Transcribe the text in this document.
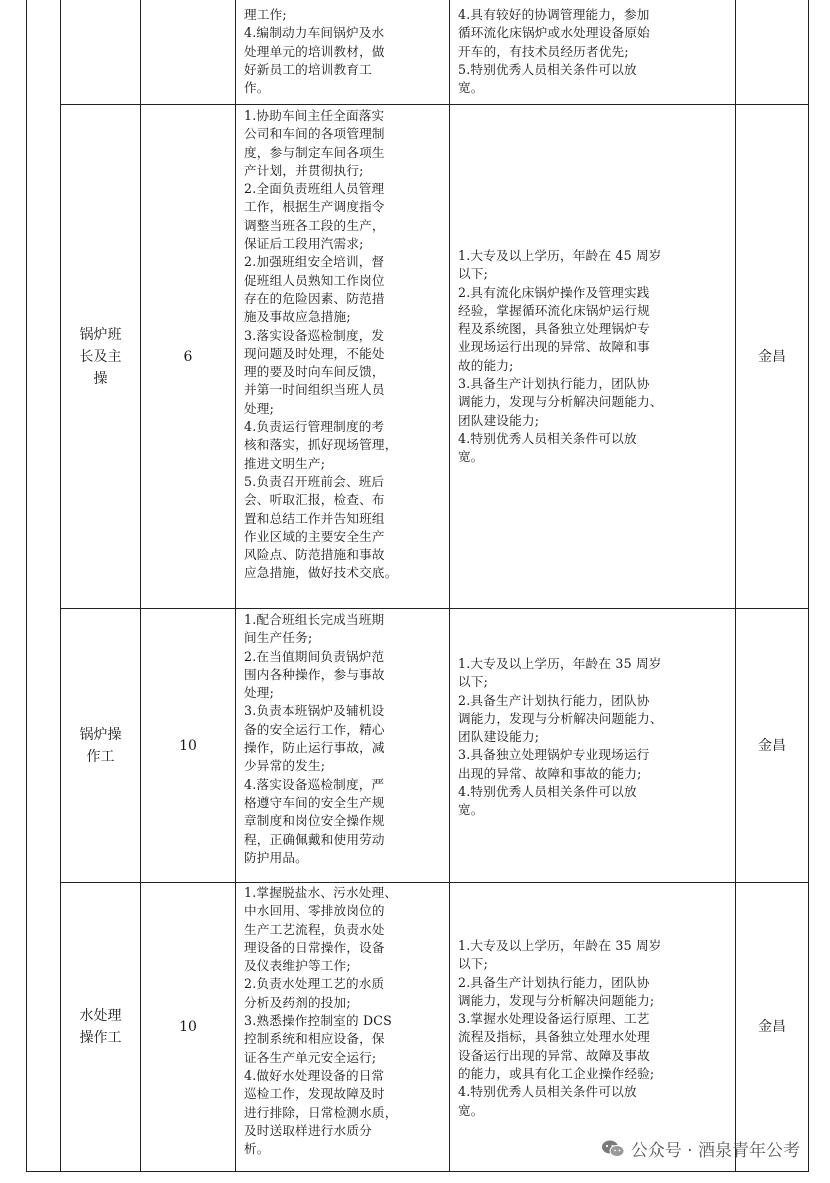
理工作;
4.编制动力车间锅炉及水
处理单元的培训教材，做
好新员工的培训教育工
作。
4.具有较好的协调管理能力，参加
循环流化床锅炉或水处理设备原始
开车的，有技术员经历者优先;
5.特别优秀人员相关条件可以放
宽。
锅炉班
长及主
操
6
1.协助车间主任全面落实
公司和车间的各项管理制
度，参与制定车间各项生
产计划，并贯彻执行;
2.全面负责班组人员管理
工作，根据生产调度指令
调整当班各工段的生产，
保证后工段用汽需求;
2.加强班组安全培训，督
促班组人员熟知工作岗位
存在的危险因素、防范措
施及事故应急措施;
3.落实设备巡检制度，发
现问题及时处理，不能处
理的要及时向车间反馈，
并第一时间组织当班人员
处理;
4.负责运行管理制度的考
核和落实，抓好现场管理，
推进文明生产;
5.负责召开班前会、班后
会、听取汇报，检查、布
置和总结工作并告知班组
作业区域的主要安全生产
风险点、防范措施和事故
应急措施，做好技术交底。
1.大专及以上学历，年龄在 45 周岁
以下;
2.具有流化床锅炉操作及管理实践
经验，掌握循环流化床锅炉运行规
程及系统图，具备独立处理锅炉专
业现场运行出现的异常、故障和事
故的能力;
3.具备生产计划执行能力，团队协
调能力，发现与分析解决问题能力、
团队建设能力;
4.特别优秀人员相关条件可以放
宽。
金昌
锅炉操
作工
10
1.配合班组长完成当班期
间生产任务;
2.在当值期间负责锅炉范
围内各种操作，参与事故
处理;
3.负责本班锅炉及辅机设
备的安全运行工作，精心
操作，防止运行事故，减
少异常的发生;
4.落实设备巡检制度，严
格遵守车间的安全生产规
章制度和岗位安全操作规
程，正确佩戴和使用劳动
防护用品。
1.大专及以上学历，年龄在 35 周岁
以下;
2.具备生产计划执行能力，团队协
调能力，发现与分析解决问题能力、
团队建设能力;
3.具备独立处理锅炉专业现场运行
出现的异常、故障和事故的能力;
4.特别优秀人员相关条件可以放
宽。
金昌
水处理
操作工
10
1.掌握脱盐水、污水处理、
中水回用、零排放岗位的
生产工艺流程，负责水处
理设备的日常操作，设备
及仪表维护等工作;
2.负责水处理工艺的水质
分析及药剂的投加;
3.熟悉操作控制室的 DCS
控制系统和相应设备，保
证各生产单元安全运行;
4.做好水处理设备的日常
巡检工作，发现故障及时
进行排除，日常检测水质，
及时送取样进行水质分
析。
1.大专及以上学历，年龄在 35 周岁
以下;
2.具备生产计划执行能力，团队协
调能力，发现与分析解决问题能力;
3.掌握水处理设备运行原理、工艺
流程及指标，具备独立处理水处理
设备运行出现的异常、故障及事故
的能力，或具有化工企业操作经验;
4.特别优秀人员相关条件可以放
宽。
金昌
公众号 · 酒泉青年公考
